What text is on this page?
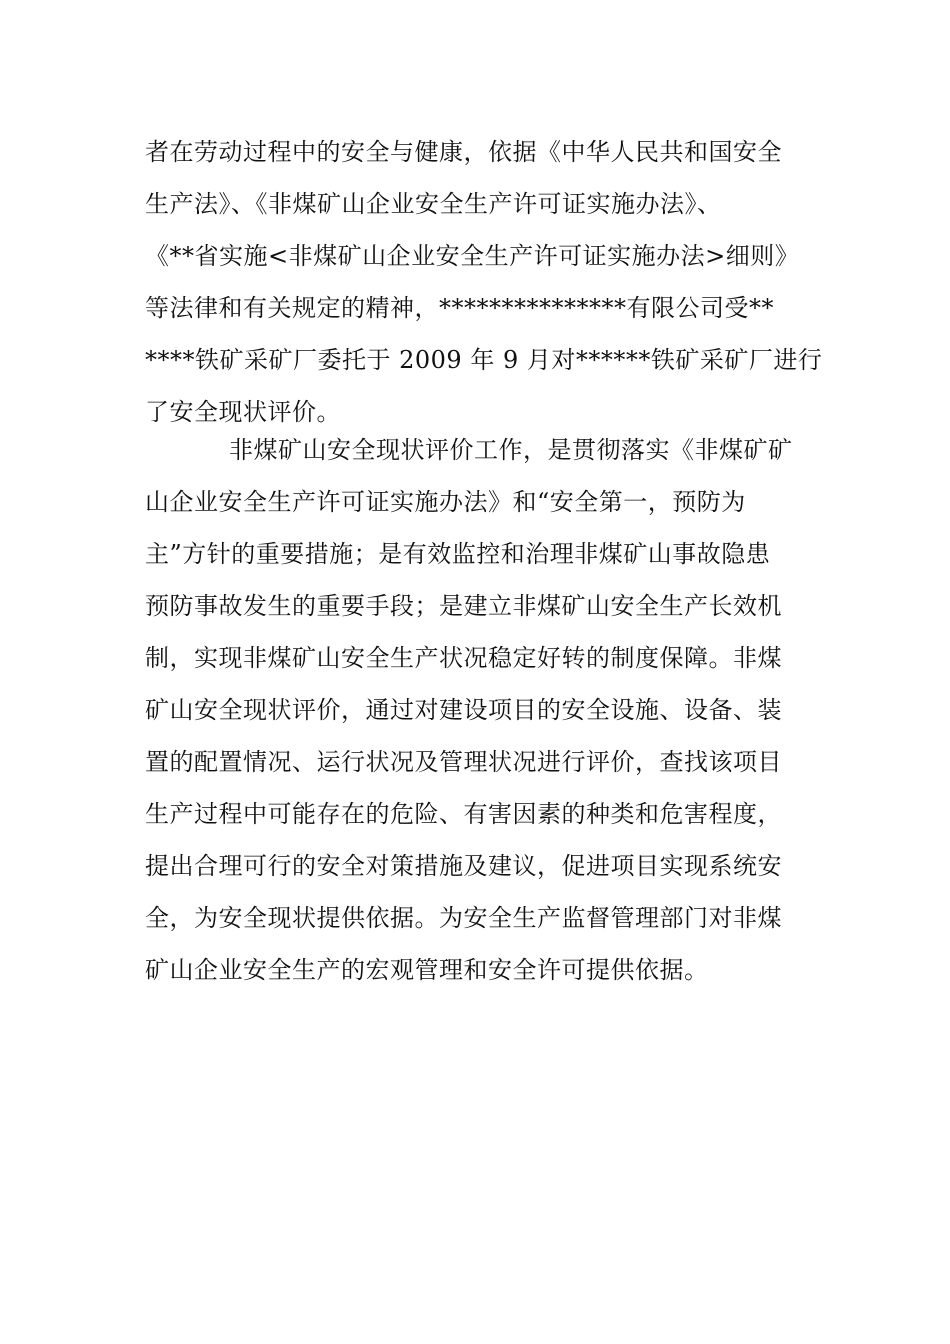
者在劳动过程中的安全与健康，依据《中华人民共和国安全
生产法》、《非煤矿山企业安全生产许可证实施办法》、
《**省实施<非煤矿山企业安全生产许可证实施办法>细则》
等法律和有关规定的精神，***************有限公司受**
****铁矿采矿厂委托于 2009 年 9 月对******铁矿采矿厂进行
了安全现状评价。
非煤矿山安全现状评价工作，是贯彻落实《非煤矿矿
山企业安全生产许可证实施办法》和“安全第一，预防为
主”方针的重要措施；是有效监控和治理非煤矿山事故隐患
预防事故发生的重要手段；是建立非煤矿山安全生产长效机
制，实现非煤矿山安全生产状况稳定好转的制度保障。非煤
矿山安全现状评价，通过对建设项目的安全设施、设备、装
置的配置情况、运行状况及管理状况进行评价，查找该项目
生产过程中可能存在的危险、有害因素的种类和危害程度，
提出合理可行的安全对策措施及建议，促进项目实现系统安
全，为安全现状提供依据。为安全生产监督管理部门对非煤
矿山企业安全生产的宏观管理和安全许可提供依据。
